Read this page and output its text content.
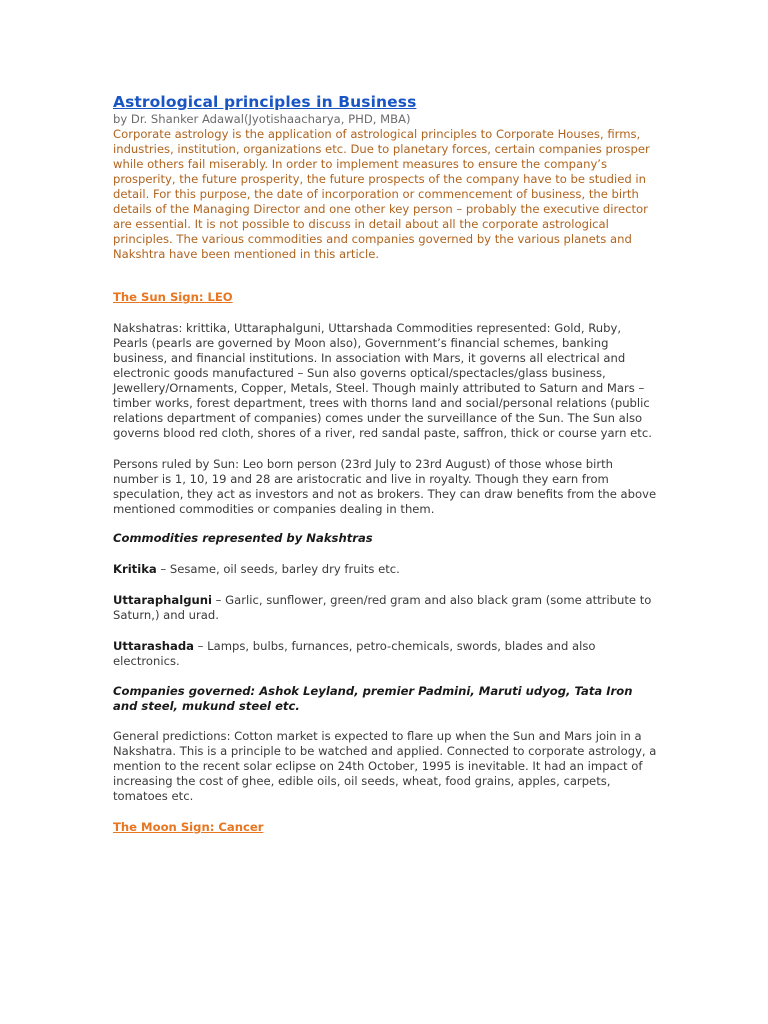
Astrological principles in Business

by Dr. Shanker Adawal(Jyotishaacharya, PHD, MBA)

Corporate astrology is the application of astrological principles to Corporate Houses, firms, industries, institution, organizations etc. Due to planetary forces, certain companies prosper while others fail miserably. In order to implement measures to ensure the company’s prosperity, the future prosperity, the future prospects of the company have to be studied in detail. For this purpose, the date of incorporation or commencement of business, the birth details of the Managing Director and one other key person – probably the executive director are essential. It is not possible to discuss in detail about all the corporate astrological principles. The various commodities and companies governed by the various planets and Nakshtra have been mentioned in this article.

The Sun Sign: LEO

Nakshatras: krittika, Uttaraphalguni, Uttarshada Commodities represented: Gold, Ruby, Pearls (pearls are governed by Moon also), Government’s financial schemes, banking business, and financial institutions. In association with Mars, it governs all electrical and electronic goods manufactured – Sun also governs optical/spectacles/glass business, Jewellery/Ornaments, Copper, Metals, Steel. Though mainly attributed to Saturn and Mars – timber works, forest department, trees with thorns land and social/personal relations (public relations department of companies) comes under the surveillance of the Sun. The Sun also governs blood red cloth, shores of a river, red sandal paste, saffron, thick or course yarn etc.

Persons ruled by Sun: Leo born person (23rd July to 23rd August) of those whose birth number is 1, 10, 19 and 28 are aristocratic and live in royalty. Though they earn from speculation, they act as investors and not as brokers. They can draw benefits from the above mentioned commodities or companies dealing in them.

Commodities represented by Nakshtras

Kritika – Sesame, oil seeds, barley dry fruits etc.

Uttaraphalguni – Garlic, sunflower, green/red gram and also black gram (some attribute to Saturn,) and urad.

Uttarashada – Lamps, bulbs, furnances, petro-chemicals, swords, blades and also electronics.

Companies governed: Ashok Leyland, premier Padmini, Maruti udyog, Tata Iron and steel, mukund steel etc.

General predictions: Cotton market is expected to flare up when the Sun and Mars join in a Nakshatra. This is a principle to be watched and applied. Connected to corporate astrology, a mention to the recent solar eclipse on 24th October, 1995 is inevitable. It had an impact of increasing the cost of ghee, edible oils, oil seeds, wheat, food grains, apples, carpets, tomatoes etc.

The Moon Sign: Cancer
